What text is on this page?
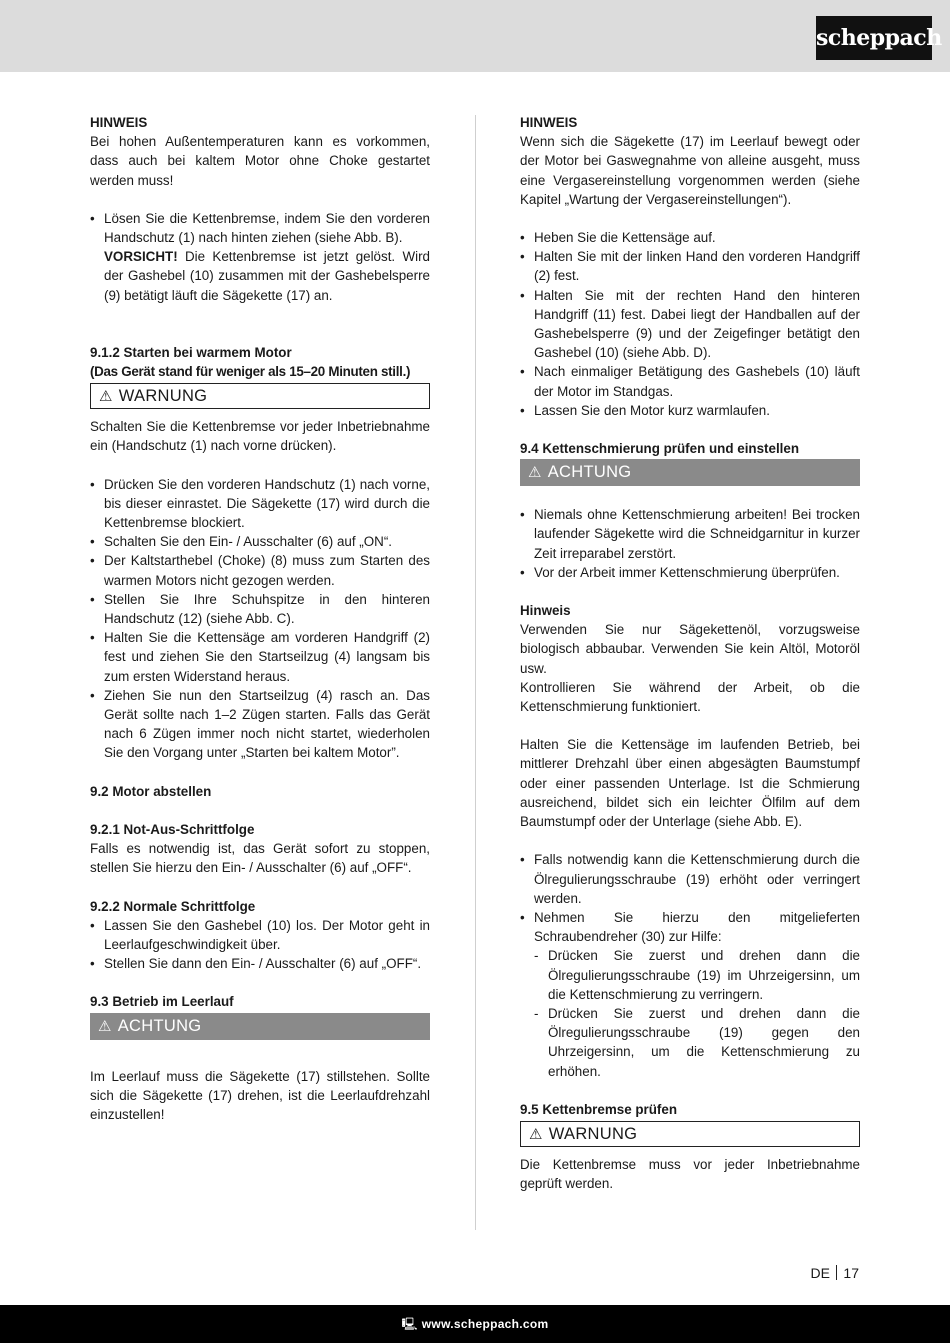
scheppach

HINWEIS

Bei hohen Außentemperaturen kann es vorkommen, dass auch bei kaltem Motor ohne Choke gestartet werden muss!

• Lösen Sie die Kettenbremse, indem Sie den vorderen Handschutz (1) nach hinten ziehen (siehe Abb. B).
VORSICHT! Die Kettenbremse ist jetzt gelöst. Wird der Gashebel (10) zusammen mit der Gashebelsperre (9) betätigt läuft die Sägekette (17) an.

9.1.2 Starten bei warmem Motor

(Das Gerät stand für weniger als 15–20 Minuten still.)

⚠ WARNUNG

Schalten Sie die Kettenbremse vor jeder Inbetriebnahme ein (Handschutz (1) nach vorne drücken).

• Drücken Sie den vorderen Handschutz (1) nach vorne, bis dieser einrastet. Die Sägekette (17) wird durch die Kettenbremse blockiert.
• Schalten Sie den Ein- / Ausschalter (6) auf „ON“.
• Der Kaltstarthebel (Choke) (8) muss zum Starten des warmen Motors nicht gezogen werden.
• Stellen Sie Ihre Schuhspitze in den hinteren Handschutz (12) (siehe Abb. C).
• Halten Sie die Kettensäge am vorderen Handgriff (2) fest und ziehen Sie den Startseilzug (4) langsam bis zum ersten Widerstand heraus.
• Ziehen Sie nun den Startseilzug (4) rasch an. Das Gerät sollte nach 1–2 Zügen starten. Falls das Gerät nach 6 Zügen immer noch nicht startet, wiederholen Sie den Vorgang unter „Starten bei kaltem Motor”.

9.2 Motor abstellen

9.2.1 Not-Aus-Schrittfolge

Falls es notwendig ist, das Gerät sofort zu stoppen, stellen Sie hierzu den Ein- / Ausschalter (6) auf „OFF“.

9.2.2 Normale Schrittfolge

• Lassen Sie den Gashebel (10) los. Der Motor geht in Leerlaufgeschwindigkeit über.
• Stellen Sie dann den Ein- / Ausschalter (6) auf „OFF“.

9.3 Betrieb im Leerlauf

⚠ ACHTUNG

Im Leerlauf muss die Sägekette (17) stillstehen. Sollte sich die Sägekette (17) drehen, ist die Leerlaufdrehzahl einzustellen!

HINWEIS

Wenn sich die Sägekette (17) im Leerlauf bewegt oder der Motor bei Gaswegnahme von alleine ausgeht, muss eine Vergasereinstellung vorgenommen werden (siehe Kapitel „Wartung der Vergasereinstellungen“).

• Heben Sie die Kettensäge auf.
• Halten Sie mit der linken Hand den vorderen Handgriff (2) fest.
• Halten Sie mit der rechten Hand den hinteren Handgriff (11) fest. Dabei liegt der Handballen auf der Gashebelsperre (9) und der Zeigefinger betätigt den Gashebel (10) (siehe Abb. D).
• Nach einmaliger Betätigung des Gashebels (10) läuft der Motor im Standgas.
• Lassen Sie den Motor kurz warmlaufen.

9.4 Kettenschmierung prüfen und einstellen

⚠ ACHTUNG
• Niemals ohne Kettenschmierung arbeiten! Bei trocken laufender Sägekette wird die Schneidgarnitur in kurzer Zeit irreparabel zerstört.
• Vor der Arbeit immer Kettenschmierung überprüfen.

Hinweis

Verwenden Sie nur Sägekettenöl, vorzugsweise biologisch abbaubar. Verwenden Sie kein Altöl, Motoröl usw.

Kontrollieren Sie während der Arbeit, ob die Kettenschmierung funktioniert.

Halten Sie die Kettensäge im laufenden Betrieb, bei mittlerer Drehzahl über einen abgesägten Baumstumpf oder einer passenden Unterlage. Ist die Schmierung ausreichend, bildet sich ein leichter Ölfilm auf dem Baumstumpf oder der Unterlage (siehe Abb. E).

• Falls notwendig kann die Kettenschmierung durch die Ölregulierungsschraube (19) erhöht oder verringert werden.
• Nehmen Sie hierzu den mitgelieferten Schraubendreher (30) zur Hilfe:
- Drücken Sie zuerst und drehen dann die Ölregulierungsschraube (19) im Uhrzeigersinn, um die Kettenschmierung zu verringern.
- Drücken Sie zuerst und drehen dann die Ölregulierungsschraube (19) gegen den Uhrzeigersinn, um die Kettenschmierung zu erhöhen.

9.5 Kettenbremse prüfen

⚠ WARNUNG

Die Kettenbremse muss vor jeder Inbetriebnahme geprüft werden.

DE 17
🖳 www.scheppach.com
